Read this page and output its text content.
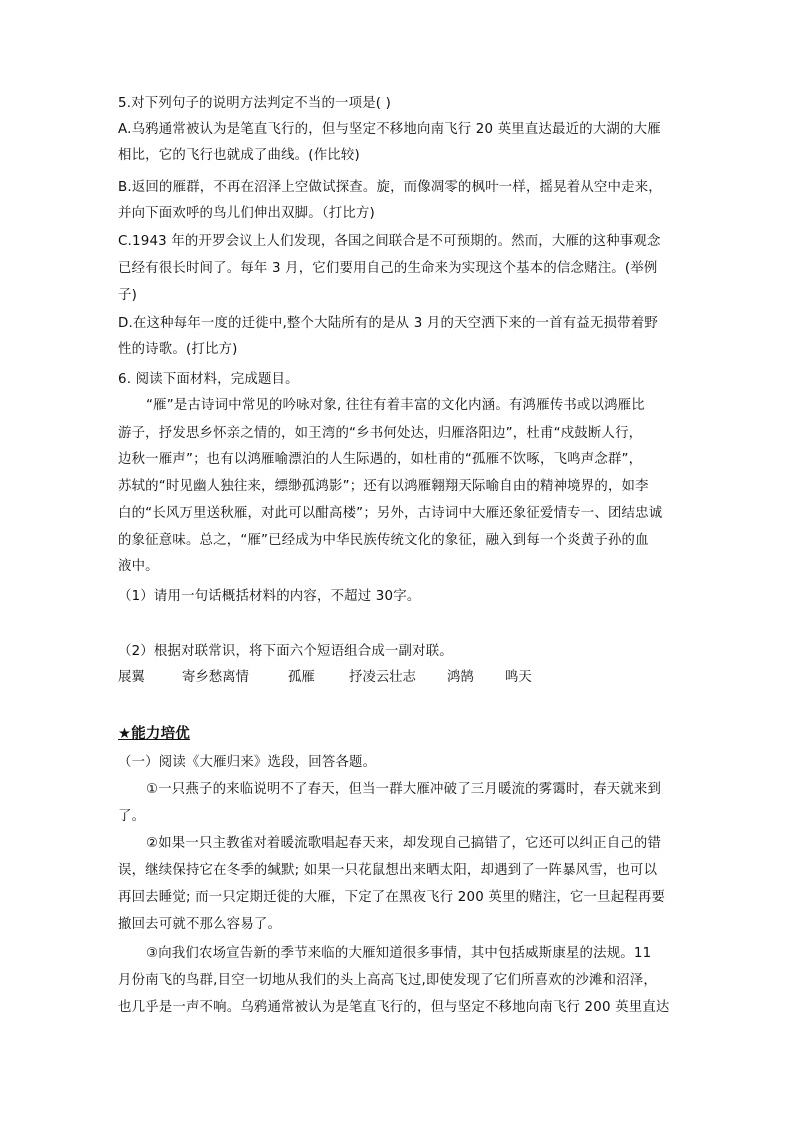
5.对下列句子的说明方法判定不当的一项是( )
A.乌鸦通常被认为是笔直飞行的，但与坚定不移地向南飞行 20 英里直达最近的大湖的大雁
相比，它的飞行也就成了曲线。(作比较)
B.返回的雁群，不再在沼泽上空做试探查。旋，而像凋零的枫叶一样，摇晃着从空中走来，
并向下面欢呼的鸟儿们伸出双脚。（打比方)
C.1943 年的开罗会议上人们发现，各国之间联合是不可预期的。然而，大雁的这种事观念
已经有很长时间了。每年 3 月，它们要用自己的生命来为实现这个基本的信念赌注。(举例
子)
D.在这种每年一度的迁徙中,整个大陆所有的是从 3 月的天空洒下来的一首有益无损带着野
性的诗歌。(打比方)
6. 阅读下面材料，完成题目。
“雁”是古诗词中常见的吟咏对象, 往往有着丰富的文化内涵。有鸿雁传书或以鸿雁比
游子，抒发思乡怀亲之情的，如王湾的“乡书何处达，归雁洛阳边”，杜甫“戍鼓断人行，
边秋一雁声”；也有以鸿雁喻漂泊的人生际遇的，如杜甫的“孤雁不饮啄，飞鸣声念群”，
苏轼的“时见幽人独往来，缥缈孤鸿影”；还有以鸿雁翱翔天际喻自由的精神境界的，如李
白的“长风万里送秋雁，对此可以酣高楼”；另外，古诗词中大雁还象征爱情专一、团结忠诚
的象征意味。总之，“雁”已经成为中华民族传统文化的象征，融入到每一个炎黄子孙的血
液中。
（1）请用一句话概括材料的内容，不超过 30字。
（2）根据对联常识，将下面六个短语组合成一副对联。
展翼	寄乡愁离情	孤雁	抒凌云壮志 鸿鹄 鸣天
★能力培优
（一）阅读《大雁归来》选段，回答各题。
①一只燕子的来临说明不了春天，但当一群大雁冲破了三月暖流的雾霭时，春天就来到
了。
②如果一只主教雀对着暖流歌唱起春天来，却发现自己搞错了，它还可以纠正自己的错
误，继续保持它在冬季的缄默; 如果一只花鼠想出来晒太阳，却遇到了一阵暴风雪，也可以
再回去睡觉; 而一只定期迁徙的大雁，下定了在黑夜飞行 200 英里的赌注，它一旦起程再要
撤回去可就不那么容易了。
③向我们农场宣告新的季节来临的大雁知道很多事情，其中包括威斯康星的法规。11
月份南飞的鸟群,目空一切地从我们的头上高高飞过,即使发现了它们所喜欢的沙滩和沼泽，
也几乎是一声不响。乌鸦通常被认为是笔直飞行的，但与坚定不移地向南飞行 200 英里直达
